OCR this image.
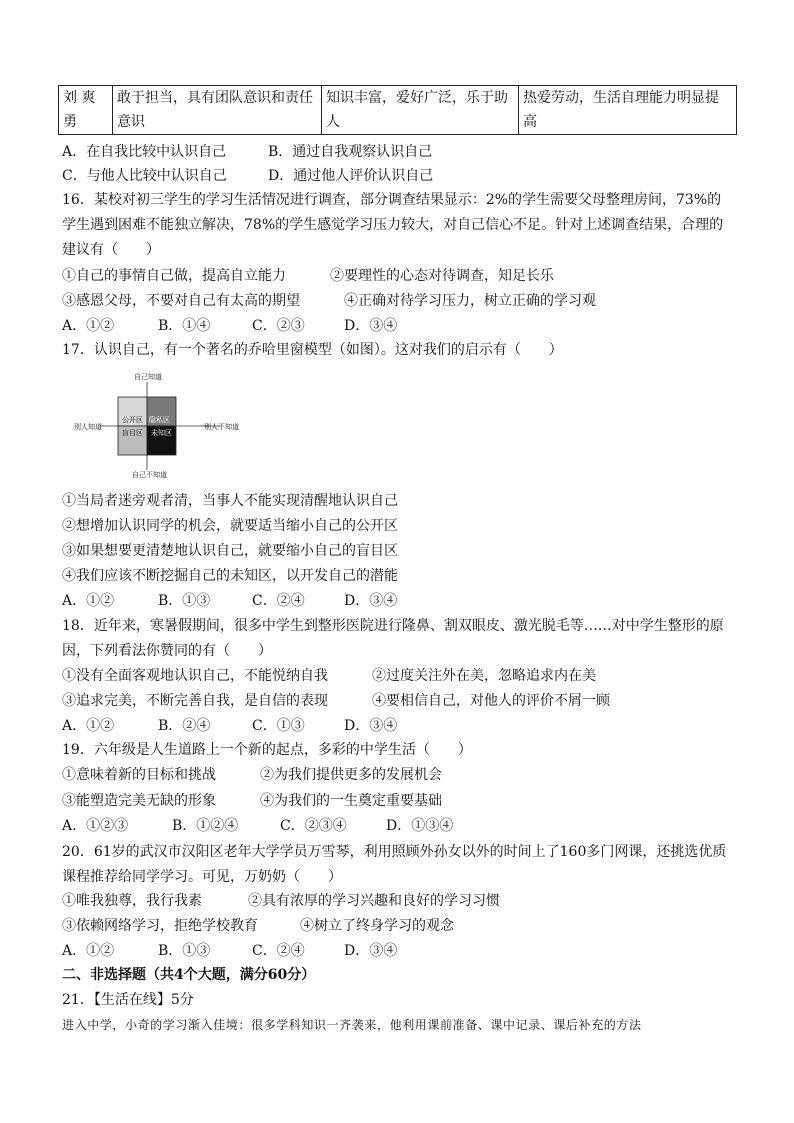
刘 爽勇	敢于担当，具有团队意识和责任意识	知识丰富，爱好广泛，乐于助人	热爱劳动，生活自理能力明显提高
A．在自我比较中认识自己	B．通过自我观察认识自己
C．与他人比较中认识自己	D．通过他人评价认识自己
16．某校对初三学生的学习生活情况进行调查，部分调查结果显示：2%的学生需要父母整理房间，73%的学生遇到困难不能独立解决，78%的学生感觉学习压力较大，对自己信心不足。针对上述调查结果，合理的建议有（　　）
①自己的事情自己做，提高自立能力	②要理性的心态对待调查，知足长乐
③感恩父母，不要对自己有太高的期望	④正确对待学习压力，树立正确的学习观
A．①②	B．①④	C．②③	D．③④
17．认识自己，有一个著名的乔哈里窗模型（如图）。这对我们的启示有（　　）
自己知道
自己不知道
别人知道	别人不知道
公开区 隐私区
盲目区 未知区
①当局者迷旁观者清，当事人不能实现清醒地认识自己
②想增加认识同学的机会，就要适当缩小自己的公开区
③如果想要更清楚地认识自己，就要缩小自己的盲目区
④我们应该不断挖掘自己的未知区，以开发自己的潜能
A．①②	B．①③	C．②④	D．③④
18．近年来，寒暑假期间，很多中学生到整形医院进行隆鼻、割双眼皮、激光脱毛等……对中学生整形的原因，下列看法你赞同的有（　　）
①没有全面客观地认识自己，不能悦纳自我	②过度关注外在美，忽略追求内在美
③追求完美，不断完善自我，是自信的表现	④要相信自己，对他人的评价不屑一顾
A．①②	B．②④	C．①③	D．③④
19．六年级是人生道路上一个新的起点，多彩的中学生活（　　）
①意味着新的目标和挑战	②为我们提供更多的发展机会
③能塑造完美无缺的形象	④为我们的一生奠定重要基础
A．①②③	B．①②④	C．②③④	D．①③④
20．61岁的武汉市汉阳区老年大学学员万雪琴，利用照顾外孙女以外的时间上了160多门网课，还挑选优质课程推荐给同学学习。可见，万奶奶（　　）
①唯我独尊，我行我素	②具有浓厚的学习兴趣和良好的学习习惯
③依赖网络学习，拒绝学校教育	④树立了终身学习的观念
A．①②	B．①③	C．②④	D．③④
二、非选择题（共4个大题，满分60分）
21．【生活在线】5分
进入中学，小奇的学习渐入佳境：很多学科知识一齐袭来，他利用课前准备、课中记录、课后补充的方法
